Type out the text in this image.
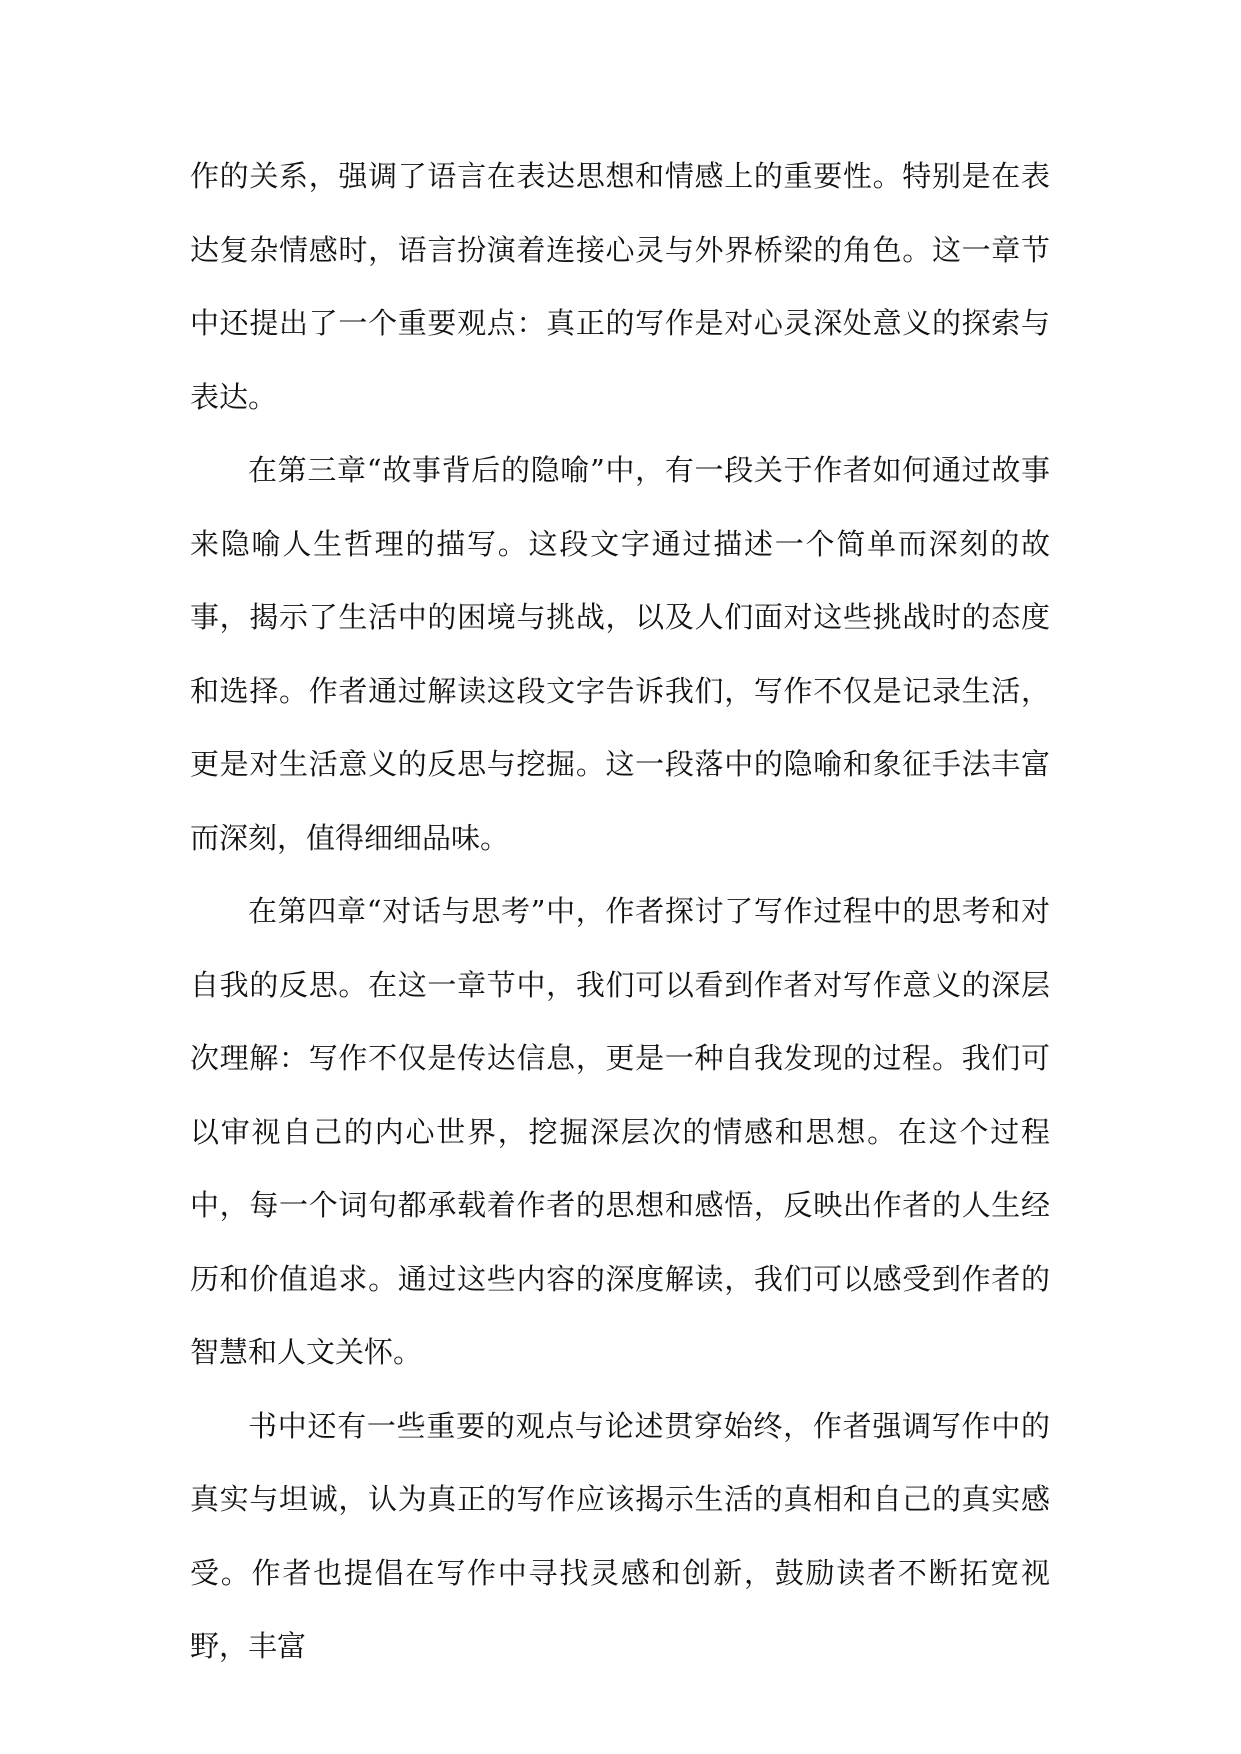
作的关系，强调了语言在表达思想和情感上的重要性。特别是在表达复杂情感时，语言扮演着连接心灵与外界桥梁的角色。这一章节中还提出了一个重要观点：真正的写作是对心灵深处意义的探索与表达。

在第三章“故事背后的隐喻”中，有一段关于作者如何通过故事来隐喻人生哲理的描写。这段文字通过描述一个简单而深刻的故事，揭示了生活中的困境与挑战，以及人们面对这些挑战时的态度和选择。作者通过解读这段文字告诉我们，写作不仅是记录生活，更是对生活意义的反思与挖掘。这一段落中的隐喻和象征手法丰富而深刻，值得细细品味。

在第四章“对话与思考”中，作者探讨了写作过程中的思考和对自我的反思。在这一章节中，我们可以看到作者对写作意义的深层次理解：写作不仅是传达信息，更是一种自我发现的过程。我们可以审视自己的内心世界，挖掘深层次的情感和思想。在这个过程中，每一个词句都承载着作者的思想和感悟，反映出作者的人生经历和价值追求。通过这些内容的深度解读，我们可以感受到作者的智慧和人文关怀。

书中还有一些重要的观点与论述贯穿始终，作者强调写作中的真实与坦诚，认为真正的写作应该揭示生活的真相和自己的真实感受。作者也提倡在写作中寻找灵感和创新，鼓励读者不断拓宽视野，丰富
